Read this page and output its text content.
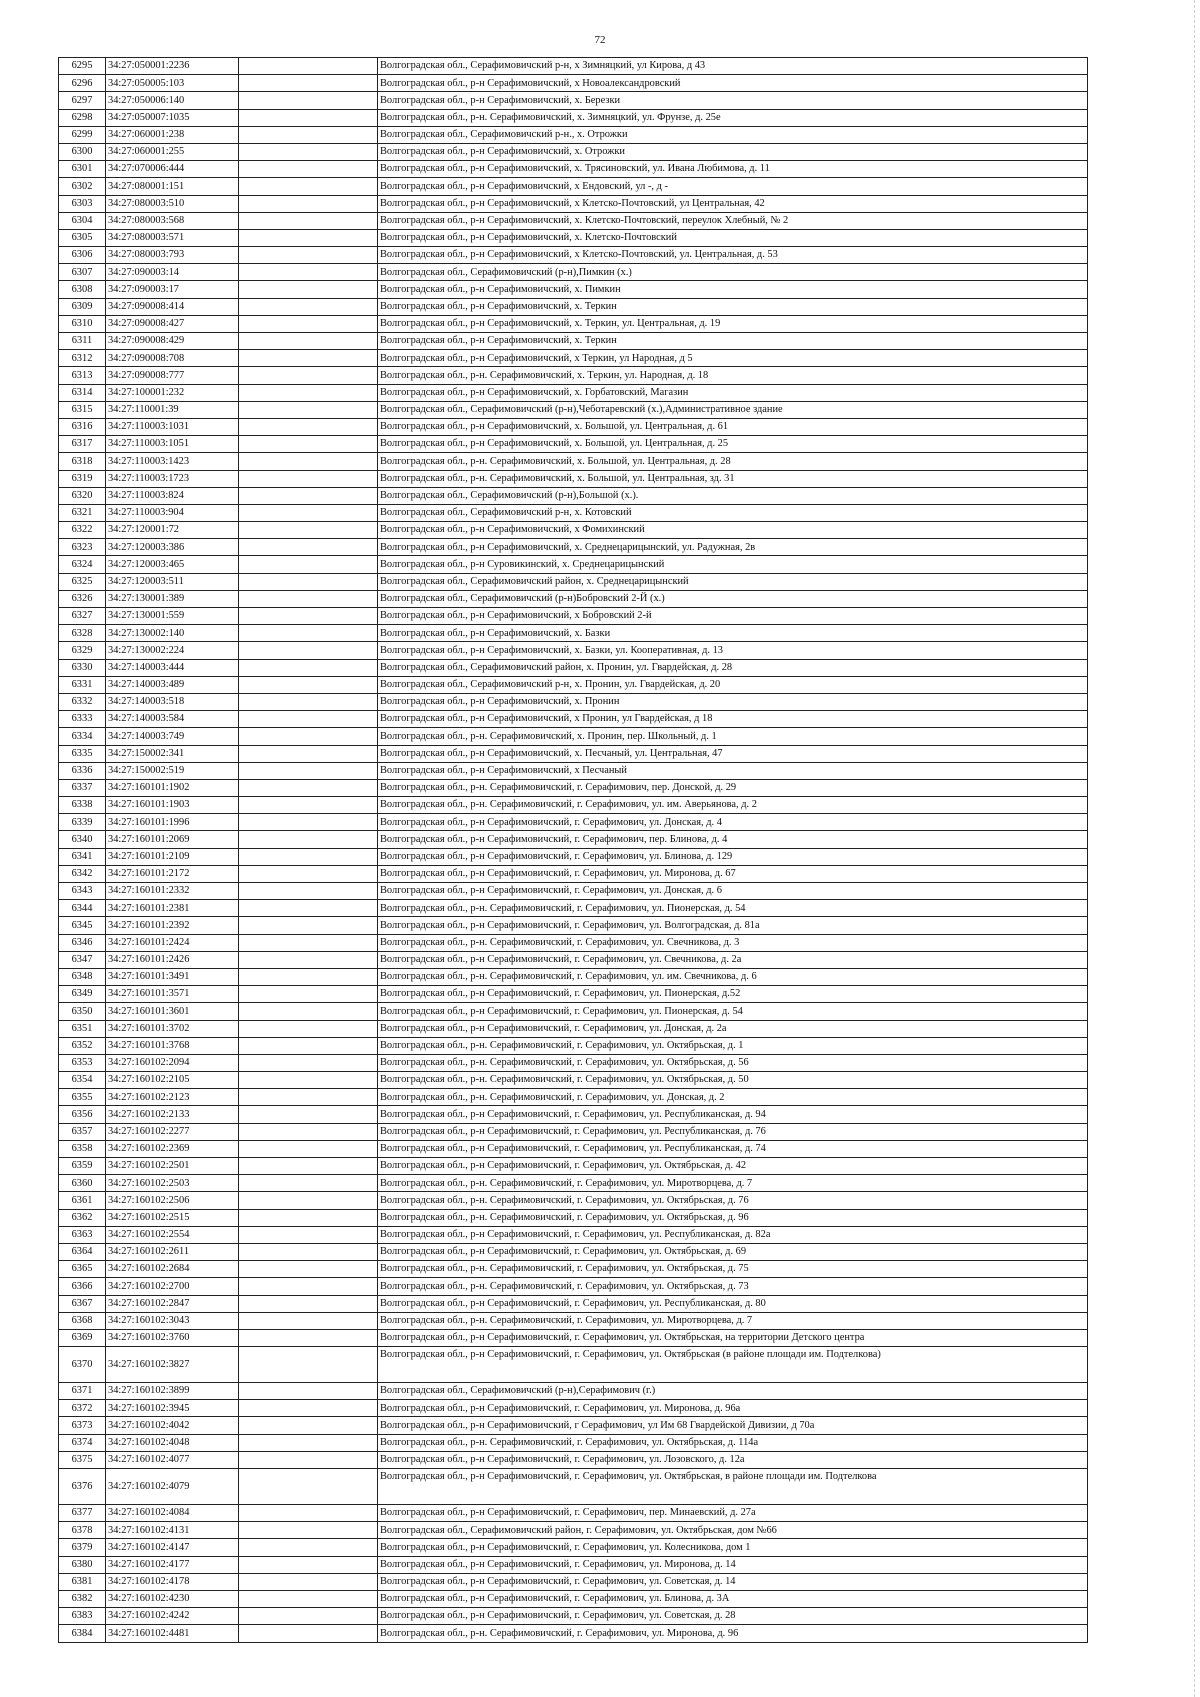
72
6295	34:27:050001:2236		Волгоградская обл., Серафимовичский р-н, х Зимняцкий, ул Кирова, д 43
6296	34:27:050005:103		Волгоградская обл., р-н Серафимовичский, х Новоалександровский
6297	34:27:050006:140		Волгоградская обл., р-н Серафимовичский, х. Березки
6298	34:27:050007:1035		Волгоградская обл., р-н. Серафимовичский, х. Зимняцкий, ул. Фрунзе, д. 25е
6299	34:27:060001:238		Волгоградская обл., Серафимовичский р-н., х. Отрожки
6300	34:27:060001:255		Волгоградская обл., р-н Серафимовичский, х. Отрожки
6301	34:27:070006:444		Волгоградская обл., р-н Серафимовичский, х. Трясиновский, ул. Ивана Любимова, д. 11
6302	34:27:080001:151		Волгоградская обл., р-н Серафимовичский, х Ендовский, ул -, д -
6303	34:27:080003:510		Волгоградская обл., р-н Серафимовичский, х Клетско-Почтовский, ул Центральная, 42
6304	34:27:080003:568		Волгоградская обл., р-н Серафимовичский, х. Клетско-Почтовский, переулок Хлебный, № 2
6305	34:27:080003:571		Волгоградская обл., р-н Серафимовичский, х. Клетско-Почтовский
6306	34:27:080003:793		Волгоградская обл., р-н Серафимовичский, х Клетско-Почтовский, ул. Центральная, д. 53
6307	34:27:090003:14		Волгоградская обл., Серафимовичский (р-н),Пимкин (х.)
6308	34:27:090003:17		Волгоградская обл., р-н Серафимовичский, х. Пимкин
6309	34:27:090008:414		Волгоградская обл., р-н Серафимовичский, х. Теркин
6310	34:27:090008:427		Волгоградская обл., р-н Серафимовичский, х. Теркин, ул. Центральная, д. 19
6311	34:27:090008:429		Волгоградская обл., р-н Серафимовичский, х. Теркин
6312	34:27:090008:708		Волгоградская обл., р-н Серафимовичский, х Теркин, ул Народная, д 5
6313	34:27:090008:777		Волгоградская обл., р-н. Серафимовичский, х. Теркин, ул. Народная, д. 18
6314	34:27:100001:232		Волгоградская обл., р-н Серафимовичский, х. Горбатовский, Магазин
6315	34:27:110001:39		Волгоградская обл., Серафимовичский (р-н),Чеботаревский (х.),Административное здание
6316	34:27:110003:1031		Волгоградская обл., р-н Серафимовичский, х. Большой, ул. Центральная, д. 61
6317	34:27:110003:1051		Волгоградская обл., р-н Серафимовичский, х. Большой, ул. Центральная, д. 25
6318	34:27:110003:1423		Волгоградская обл., р-н. Серафимовичский, х. Большой, ул. Центральная, д. 28
6319	34:27:110003:1723		Волгоградская обл., р-н. Серафимовичский, х. Большой, ул. Центральная, зд. 31
6320	34:27:110003:824		Волгоградская обл., Серафимовичский (р-н),Большой (х.).
6321	34:27:110003:904		Волгоградская обл., Серафимовичский р-н, х. Котовский
6322	34:27:120001:72		Волгоградская обл., р-н Серафимовичский, х Фомихинский
6323	34:27:120003:386		Волгоградская обл., р-н Серафимовичский, х. Среднецарицынский, ул. Радужная, 2в
6324	34:27:120003:465		Волгоградская обл., р-н Суровикинский, х. Среднецарицынский
6325	34:27:120003:511		Волгоградская обл., Серафимовичский район, х. Среднецарицынский
6326	34:27:130001:389		Волгоградская обл., Серафимовичский (р-н)Бобровский 2-Й (х.)
6327	34:27:130001:559		Волгоградская обл., р-н Серафимовичский, х Бобровский 2-й
6328	34:27:130002:140		Волгоградская обл., р-н Серафимовичский, х. Базки
6329	34:27:130002:224		Волгоградская обл., р-н Серафимовичский, х. Базки, ул. Кооперативная, д. 13
6330	34:27:140003:444		Волгоградская обл., Серафимовичский район, х. Пронин, ул. Гвардейская, д. 28
6331	34:27:140003:489		Волгоградская обл., Серафимовичский р-н, х. Пронин, ул. Гвардейская, д. 20
6332	34:27:140003:518		Волгоградская обл., р-н Серафимовичский, х. Пронин
6333	34:27:140003:584		Волгоградская обл., р-н Серафимовичский, х Пронин, ул Гвардейская, д 18
6334	34:27:140003:749		Волгоградская обл., р-н. Серафимовичский, х. Пронин, пер. Школьный, д. 1
6335	34:27:150002:341		Волгоградская обл., р-н Серафимовичский, х. Песчаный, ул. Центральная, 47
6336	34:27:150002:519		Волгоградская обл., р-н Серафимовичский, х Песчаный
6337	34:27:160101:1902		Волгоградская обл., р-н. Серафимовичский, г. Серафимович, пер. Донской, д. 29
6338	34:27:160101:1903		Волгоградская обл., р-н. Серафимовичский, г. Серафимович, ул. им. Аверьянова, д. 2
6339	34:27:160101:1996		Волгоградская обл., р-н Серафимовичский, г. Серафимович, ул. Донская, д. 4
6340	34:27:160101:2069		Волгоградская обл., р-н Серафимовичский, г. Серафимович, пер. Блинова, д. 4
6341	34:27:160101:2109		Волгоградская обл., р-н Серафимовичский, г. Серафимович, ул. Блинова, д. 129
6342	34:27:160101:2172		Волгоградская обл., р-н Серафимовичский, г. Серафимович, ул. Миронова, д. 67
6343	34:27:160101:2332		Волгоградская обл., р-н Серафимовичский, г. Серафимович, ул. Донская, д. 6
6344	34:27:160101:2381		Волгоградская обл., р-н. Серафимовичский, г. Серафимович, ул. Пионерская, д. 54
6345	34:27:160101:2392		Волгоградская обл., р-н Серафимовичский, г. Серафимович, ул. Волгоградская, д. 81а
6346	34:27:160101:2424		Волгоградская обл., р-н. Серафимовичский, г. Серафимович, ул. Свечникова, д. 3
6347	34:27:160101:2426		Волгоградская обл., р-н Серафимовичский, г. Серафимович, ул. Свечникова, д. 2а
6348	34:27:160101:3491		Волгоградская обл., р-н. Серафимовичский, г. Серафимович, ул. им. Свечникова, д. 6
6349	34:27:160101:3571		Волгоградская обл., р-н Серафимовичский, г. Серафимович, ул. Пионерская, д.52
6350	34:27:160101:3601		Волгоградская обл., р-н Серафимовичский, г. Серафимович, ул. Пионерская, д. 54
6351	34:27:160101:3702		Волгоградская обл., р-н Серафимовичский, г. Серафимович, ул. Донская, д. 2а
6352	34:27:160101:3768		Волгоградская обл., р-н. Серафимовичский, г. Серафимович, ул. Октябрьская, д. 1
6353	34:27:160102:2094		Волгоградская обл., р-н. Серафимовичский, г. Серафимович, ул. Октябрьская, д. 56
6354	34:27:160102:2105		Волгоградская обл., р-н. Серафимовичский, г. Серафимович, ул. Октябрьская, д. 50
6355	34:27:160102:2123		Волгоградская обл., р-н. Серафимовичский, г. Серафимович, ул. Донская, д. 2
6356	34:27:160102:2133		Волгоградская обл., р-н Серафимовичский, г. Серафимович, ул. Республиканская, д. 94
6357	34:27:160102:2277		Волгоградская обл., р-н Серафимовичский, г. Серафимович, ул. Республиканская, д. 76
6358	34:27:160102:2369		Волгоградская обл., р-н Серафимовичский, г. Серафимович, ул. Республиканская, д. 74
6359	34:27:160102:2501		Волгоградская обл., р-н Серафимовичский, г. Серафимович, ул. Октябрьская, д. 42
6360	34:27:160102:2503		Волгоградская обл., р-н. Серафимовичский, г. Серафимович, ул. Миротворцева, д. 7
6361	34:27:160102:2506		Волгоградская обл., р-н. Серафимовичский, г. Серафимович, ул. Октябрьская, д. 76
6362	34:27:160102:2515		Волгоградская обл., р-н. Серафимовичский, г. Серафимович, ул. Октябрьская, д. 96
6363	34:27:160102:2554		Волгоградская обл., р-н Серафимовичский, г. Серафимович, ул. Республиканская, д. 82а
6364	34:27:160102:2611		Волгоградская обл., р-н Серафимовичский, г. Серафимович, ул. Октябрьская, д. 69
6365	34:27:160102:2684		Волгоградская обл., р-н. Серафимовичский, г. Серафимович, ул. Октябрьская, д. 75
6366	34:27:160102:2700		Волгоградская обл., р-н. Серафимовичский, г. Серафимович, ул. Октябрьская, д. 73
6367	34:27:160102:2847		Волгоградская обл., р-н Серафимовичский, г. Серафимович, ул. Республиканская, д. 80
6368	34:27:160102:3043		Волгоградская обл., р-н. Серафимовичский, г. Серафимович, ул. Миротворцева, д. 7
6369	34:27:160102:3760		Волгоградская обл., р-н Серафимовичский, г. Серафимович, ул. Октябрьская, на территории Детского центра
6370	34:27:160102:3827		Волгоградская обл., р-н Серафимовичский, г. Серафимович, ул. Октябрьская (в районе площади им. Подтелкова)
6371	34:27:160102:3899		Волгоградская обл., Серафимовичский (р-н),Серафимович (г.)
6372	34:27:160102:3945		Волгоградская обл., р-н Серафимовичский, г. Серафимович, ул. Миронова, д. 96а
6373	34:27:160102:4042		Волгоградская обл., р-н Серафимовичский, г Серафимович, ул Им 68 Гвардейской Дивизии, д 70а
6374	34:27:160102:4048		Волгоградская обл., р-н. Серафимовичский, г. Серафимович, ул. Октябрьская, д. 114а
6375	34:27:160102:4077		Волгоградская обл., р-н Серафимовичский, г. Серафимович, ул. Лозовского, д. 12а
6376	34:27:160102:4079		Волгоградская обл., р-н Серафимовичский, г. Серафимович, ул. Октябрьская, в районе площади им. Подтелкова
6377	34:27:160102:4084		Волгоградская обл., р-н Серафимовичский, г. Серафимович, пер. Минаевский, д. 27а
6378	34:27:160102:4131		Волгоградская обл., Серафимовичский район, г. Серафимович, ул. Октябрьская, дом №66
6379	34:27:160102:4147		Волгоградская обл., р-н Серафимовичский, г. Серафимович, ул. Колесникова, дом 1
6380	34:27:160102:4177		Волгоградская обл., р-н Серафимовичский, г. Серафимович, ул. Миронова, д. 14
6381	34:27:160102:4178		Волгоградская обл., р-н Серафимовичский, г. Серафимович, ул. Советская, д. 14
6382	34:27:160102:4230		Волгоградская обл., р-н Серафимовичский, г. Серафимович, ул. Блинова, д. 3А
6383	34:27:160102:4242		Волгоградская обл., р-н Серафимовичский, г. Серафимович, ул. Советская, д. 28
6384	34:27:160102:4481		Волгоградская обл., р-н. Серафимовичский, г. Серафимович, ул. Миронова, д. 96
